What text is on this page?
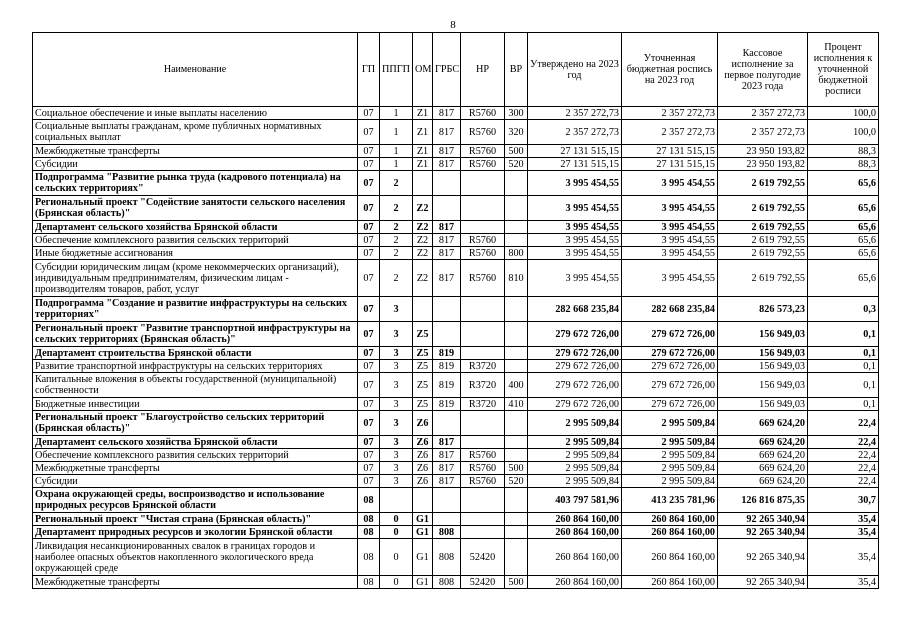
8
Наименование	ГП	ППГП	ОМ	ГРБС	НР	ВР	Утверждено на 2023 год	Уточненная бюджетная роспись на 2023 год	Кассовое исполнение за первое полугодие 2023 года	Процент исполнения к уточненной бюджетной росписи
Социальное обеспечение и иные выплаты населению	07	1	Z1	817	R5760	300	2 357 272,73	2 357 272,73	2 357 272,73	100,0
Социальные выплаты гражданам, кроме публичных нормативных социальных выплат	07	1	Z1	817	R5760	320	2 357 272,73	2 357 272,73	2 357 272,73	100,0
Межбюджетные трансферты	07	1	Z1	817	R5760	500	27 131 515,15	27 131 515,15	23 950 193,82	88,3
Субсидии	07	1	Z1	817	R5760	520	27 131 515,15	27 131 515,15	23 950 193,82	88,3
Подпрограмма "Развитие рынка труда (кадрового потенциала) на сельских территориях"	07	2					3 995 454,55	3 995 454,55	2 619 792,55	65,6
Региональный проект "Содействие занятости сельского населения (Брянская область)"	07	2	Z2				3 995 454,55	3 995 454,55	2 619 792,55	65,6
Департамент сельского хозяйства Брянской области	07	2	Z2	817			3 995 454,55	3 995 454,55	2 619 792,55	65,6
Обеспечение комплексного развития сельских территорий	07	2	Z2	817	R5760		3 995 454,55	3 995 454,55	2 619 792,55	65,6
Иные бюджетные ассигнования	07	2	Z2	817	R5760	800	3 995 454,55	3 995 454,55	2 619 792,55	65,6
Субсидии юридическим лицам (кроме некоммерческих организаций), индивидуальным предпринимателям, физическим лицам - производителям товаров, работ, услуг	07	2	Z2	817	R5760	810	3 995 454,55	3 995 454,55	2 619 792,55	65,6
Подпрограмма "Создание и развитие инфраструктуры на сельских территориях"	07	3					282 668 235,84	282 668 235,84	826 573,23	0,3
Региональный проект "Развитие транспортной инфраструктуры на сельских территориях (Брянская область)"	07	3	Z5				279 672 726,00	279 672 726,00	156 949,03	0,1
Департамент строительства Брянской области	07	3	Z5	819			279 672 726,00	279 672 726,00	156 949,03	0,1
Развитие транспортной инфраструктуры на сельских территориях	07	3	Z5	819	R3720		279 672 726,00	279 672 726,00	156 949,03	0,1
Капитальные вложения в объекты государственной (муниципальной) собственности	07	3	Z5	819	R3720	400	279 672 726,00	279 672 726,00	156 949,03	0,1
Бюджетные инвестиции	07	3	Z5	819	R3720	410	279 672 726,00	279 672 726,00	156 949,03	0,1
Региональный проект "Благоустройство сельских территорий (Брянская область)"	07	3	Z6				2 995 509,84	2 995 509,84	669 624,20	22,4
Департамент сельского хозяйства Брянской области	07	3	Z6	817			2 995 509,84	2 995 509,84	669 624,20	22,4
Обеспечение комплексного развития сельских территорий	07	3	Z6	817	R5760		2 995 509,84	2 995 509,84	669 624,20	22,4
Межбюджетные трансферты	07	3	Z6	817	R5760	500	2 995 509,84	2 995 509,84	669 624,20	22,4
Субсидии	07	3	Z6	817	R5760	520	2 995 509,84	2 995 509,84	669 624,20	22,4
Охрана окружающей среды, воспроизводство и использование природных ресурсов Брянской области	08						403 797 581,96	413 235 781,96	126 816 875,35	30,7
Региональный проект "Чистая страна (Брянская область)"	08	0	G1				260 864 160,00	260 864 160,00	92 265 340,94	35,4
Департамент природных ресурсов и экологии Брянской области	08	0	G1	808			260 864 160,00	260 864 160,00	92 265 340,94	35,4
Ликвидация несанкционированных свалок в границах городов и наиболее опасных объектов накопленного экологического вреда окружающей среде	08	0	G1	808	52420		260 864 160,00	260 864 160,00	92 265 340,94	35,4
Межбюджетные трансферты	08	0	G1	808	52420	500	260 864 160,00	260 864 160,00	92 265 340,94	35,4
